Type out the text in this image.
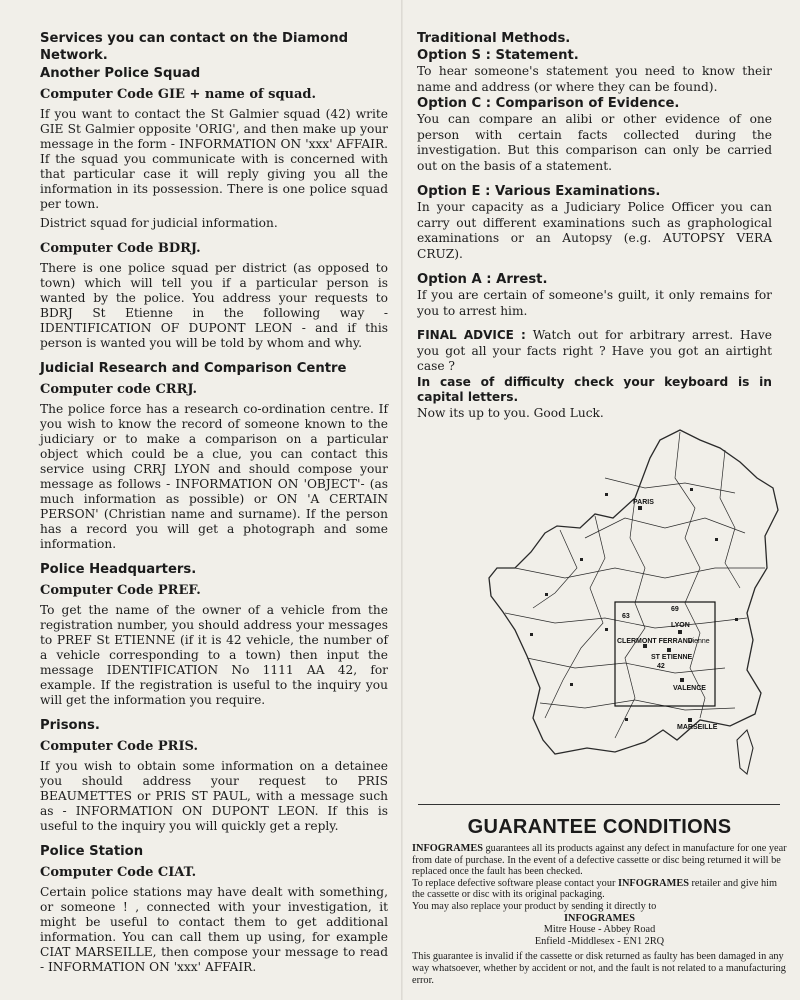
Services you can contact on the Diamond Network.
Another Police Squad
Computer Code GIE + name of squad.

If you want to contact the St Galmier squad (42) write GIE St Galmier opposite 'ORIG', and then make up your message in the form - INFORMATION ON 'xxx' AFFAIR. If the squad you communicate with is concerned with that particular case it will reply giving you all the information in its possession. There is one police squad per town.

District squad for judicial information.

Computer Code BDRJ.

There is one police squad per district (as opposed to town) which will tell you if a particular person is wanted by the police. You address your requests to BDRJ St Etienne in the following way - IDENTIFICATION OF DUPONT LEON - and if this person is wanted you will be told by whom and why.

Judicial Research and Comparison Centre
Computer code CRRJ.

The police force has a research co-ordination centre. If you wish to know the record of someone known to the judiciary or to make a comparison on a particular object which could be a clue, you can contact this service using CRRJ LYON and should compose your message as follows - INFORMATION ON 'OBJECT'- (as much information as possible) or ON 'A CERTAIN PERSON' (Christian name and surname). If the person has a record you will get a photograph and some information.

Police Headquarters.
Computer Code PREF.

To get the name of the owner of a vehicle from the registration number, you should address your messages to PREF St ETIENNE (if it is 42 vehicle, the number of a vehicle corresponding to a town) then input the message IDENTIFICATION No 1111 AA 42, for example. If the registration is useful to the inquiry you will get the information you require.

Prisons.
Computer Code PRIS.

If you wish to obtain some information on a detainee you should address your request to PRIS BEAUMETTES or PRIS ST PAUL, with a message such as - INFORMATION ON DUPONT LEON. If this is useful to the inquiry you will quickly get a reply.

Police Station
Computer Code CIAT.

Certain police stations may have dealt with something, or someone ! , connected with your investigation, it might be useful to contact them to get additional information. You can call them up using, for example CIAT MARSEILLE, then compose your message to read - INFORMATION ON 'xxx' AFFAIR.

Traditional Methods.
Option S : Statement.

To hear someone's statement you need to know their name and address (or where they can be found).

Option C : Comparison of Evidence.

You can compare an alibi or other evidence of one person with certain facts collected during the investigation. But this comparison can only be carried out on the basis of a statement.

Option E : Various Examinations.

In your capacity as a Judiciary Police Officer you can carry out different examinations such as graphological examinations or an Autopsy (e.g. AUTOPSY VERA CRUZ).

Option A : Arrest.

If you are certain of someone's guilt, it only remains for you to arrest him.

FINAL ADVICE : Watch out for arbitrary arrest. Have you got all your facts right ? Have you got an airtight case ?

In case of difficulty check your keyboard is in capital letters.

Now its up to you. Good Luck.

PARIS
LYON
CLERMONT FERRAND
ST ETIENNE
VALENCE
MARSEILLE
63
69
42
Vienne
GUARANTEE CONDITIONS

INFOGRAMES guarantees all its products against any defect in manufacture for one year from date of purchase. In the event of a defective cassette or disc being returned it will be replaced once the fault has been checked.

To replace defective software please contact your INFOGRAMES retailer and give him the cassette or disc with its original packaging.

You may also replace your product by sending it directly to

INFOGRAMES

Mitre House - Abbey Road

Enfield -Middlesex - EN1 2RQ

This guarantee is invalid if the cassette or disk returned as faulty has been damaged in any way whatsoever, whether by accident or not, and the fault is not related to a manufacturing error.
